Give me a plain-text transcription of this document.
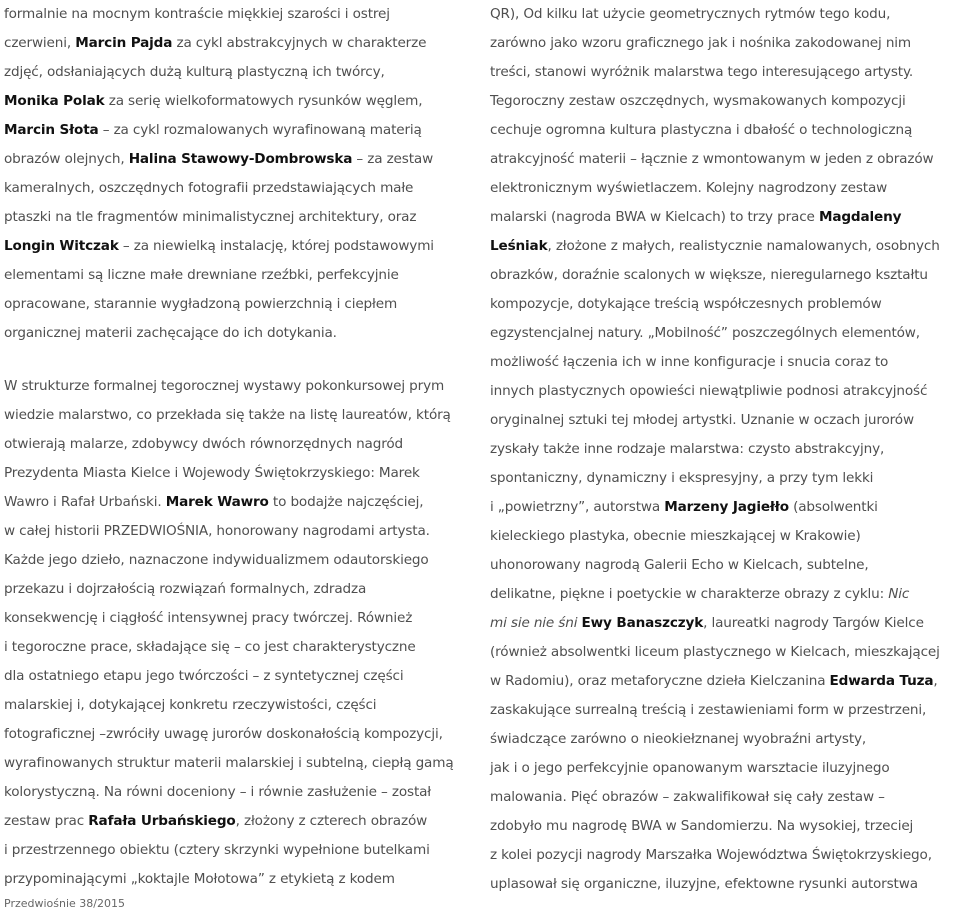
formalnie na mocnym kontraście miękkiej szarości i ostrej
czerwieni, Marcin Pajda za cykl abstrakcyjnych w charakterze
zdjęć, odsłaniających dużą kulturą plastyczną ich twórcy,
Monika Polak za serię wielkoformatowych rysunków węglem,
Marcin Słota – za cykl rozmalowanych wyrafinowaną materią
obrazów olejnych, Halina Stawowy-Dombrowska – za zestaw
kameralnych, oszczędnych fotografii przedstawiających małe
ptaszki na tle fragmentów minimalistycznej architektury, oraz
Longin Witczak – za niewielką instalację, której podstawowymi
elementami są liczne małe drewniane rzeźbki, perfekcyjnie
opracowane, starannie wygładzoną powierzchnią i ciepłem
organicznej materii zachęcające do ich dotykania.
W strukturze formalnej tegorocznej wystawy pokonkursowej prym
wiedzie malarstwo, co przekłada się także na listę laureatów, którą
otwierają malarze, zdobywcy dwóch równorzędnych nagród
Prezydenta Miasta Kielce i Wojewody Świętokrzyskiego: Marek
Wawro i Rafał Urbański. Marek Wawro to bodajże najczęściej,
w całej historii PRZEDWIOŚNIA, honorowany nagrodami artysta.
Każde jego dzieło, naznaczone indywidualizmem odautorskiego
przekazu i dojrzałością rozwiązań formalnych, zdradza
konsekwencję i ciągłość intensywnej pracy twórczej. Również
i tegoroczne prace, składające się – co jest charakterystyczne
dla ostatniego etapu jego twórczości – z syntetycznej części
malarskiej i, dotykającej konkretu rzeczywistości, części
fotograficznej –zwróciły uwagę jurorów doskonałością kompozycji,
wyrafinowanych struktur materii malarskiej i subtelną, ciepłą gamą
kolorystyczną. Na równi doceniony – i równie zasłużenie – został
zestaw prac Rafała Urbańskiego, złożony z czterech obrazów
i przestrzennego obiektu (cztery skrzynki wypełnione butelkami
przypominającymi „koktajle Mołotowa” z etykietą z kodem
QR), Od kilku lat użycie geometrycznych rytmów tego kodu,
zarówno jako wzoru graficznego jak i nośnika zakodowanej nim
treści, stanowi wyróżnik malarstwa tego interesującego artysty.
Tegoroczny zestaw oszczędnych, wysmakowanych kompozycji
cechuje ogromna kultura plastyczna i dbałość o technologiczną
atrakcyjność materii – łącznie z wmontowanym w jeden z obrazów
elektronicznym wyświetlaczem. Kolejny nagrodzony zestaw
malarski (nagroda BWA w Kielcach) to trzy prace Magdaleny
Leśniak, złożone z małych, realistycznie namalowanych, osobnych
obrazków, doraźnie scalonych w większe, nieregularnego kształtu
kompozycje, dotykające treścią współczesnych problemów
egzystencjalnej natury. „Mobilność” poszczególnych elementów,
możliwość łączenia ich w inne konfiguracje i snucia coraz to
innych plastycznych opowieści niewątpliwie podnosi atrakcyjność
oryginalnej sztuki tej młodej artystki. Uznanie w oczach jurorów
zyskały także inne rodzaje malarstwa: czysto abstrakcyjny,
spontaniczny, dynamiczny i ekspresyjny, a przy tym lekki
i „powietrzny”, autorstwa Marzeny Jagiełło (absolwentki
kieleckiego plastyka, obecnie mieszkającej w Krakowie)
uhonorowany nagrodą Galerii Echo w Kielcach, subtelne,
delikatne, piękne i poetyckie w charakterze obrazy z cyklu: Nic
mi sie nie śni Ewy Banaszczyk, laureatki nagrody Targów Kielce
(również absolwentki liceum plastycznego w Kielcach, mieszkającej
w Radomiu), oraz metaforyczne dzieła Kielczanina Edwarda Tuza,
zaskakujące surrealną treścią i zestawieniami form w przestrzeni,
świadczące zarówno o nieokiełznanej wyobraźni artysty,
jak i o jego perfekcyjnie opanowanym warsztacie iluzyjnego
malowania. Pięć obrazów – zakwalifikował się cały zestaw –
zdobyło mu nagrodę BWA w Sandomierzu. Na wysokiej, trzeciej
z kolei pozycji nagrody Marszałka Województwa Świętokrzyskiego,
uplasował się organiczne, iluzyjne, efektowne rysunki autorstwa
Przedwiośnie 38/2015
